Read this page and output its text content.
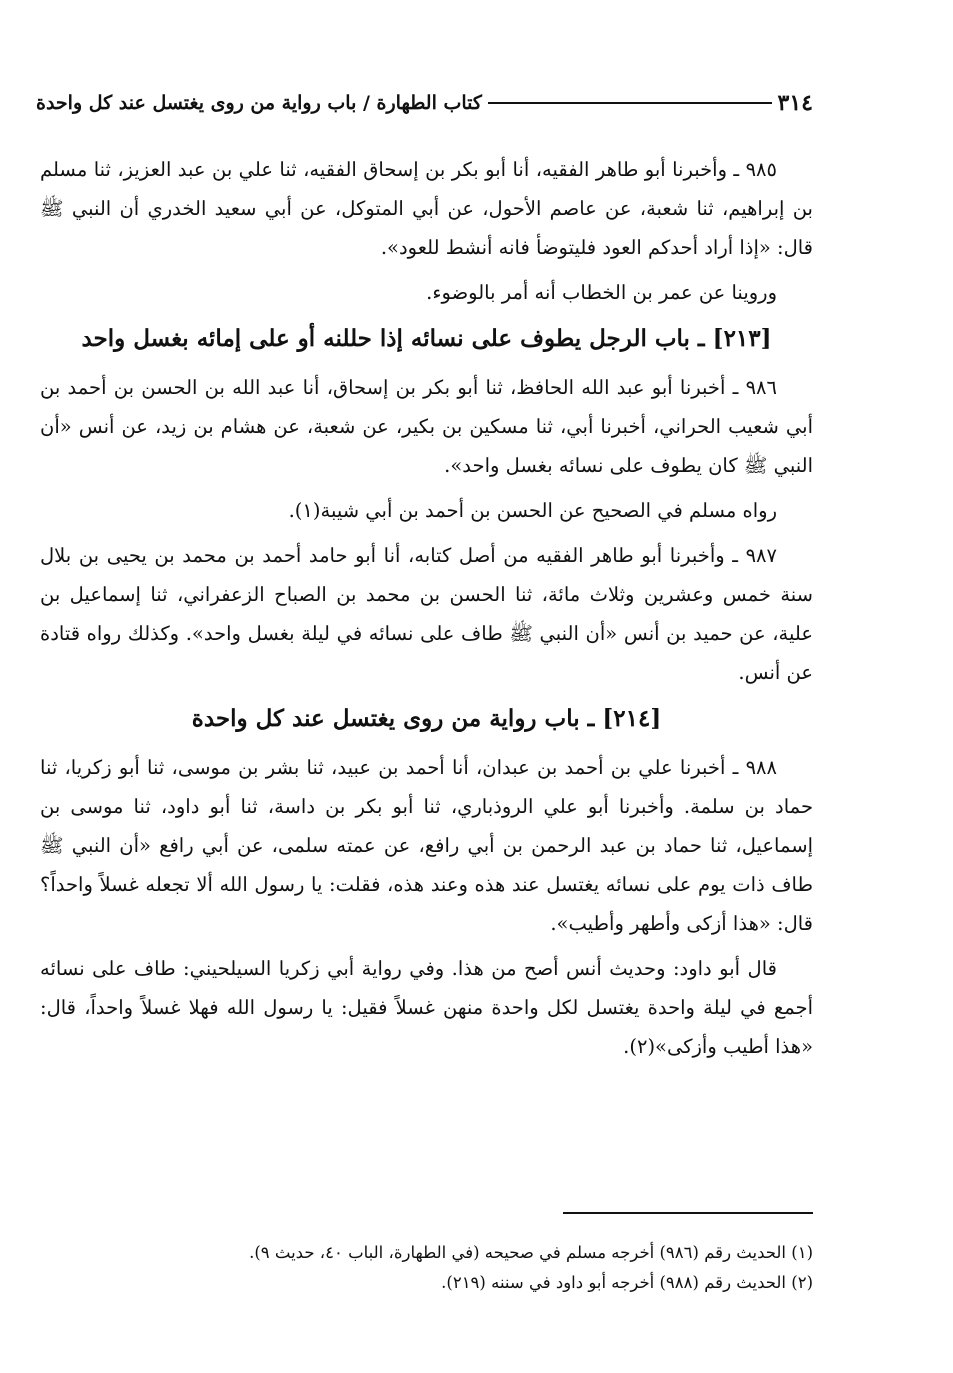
٣١٤
كتاب الطهارة / باب رواية من روى يغتسل عند كل واحدة

٩٨٥ ـ وأخبرنا أبو طاهر الفقيه، أنا أبو بكر بن إسحاق الفقيه، ثنا علي بن عبد العزيز، ثنا مسلم بن إبراهيم، ثنا شعبة، عن عاصم الأحول، عن أبي المتوكل، عن أبي سعيد الخدري أن النبي ﷺ قال: «إذا أراد أحدكم العود فليتوضأ فانه أنشط للعود».

وروينا عن عمر بن الخطاب أنه أمر بالوضوء.

[٢١٣] ـ باب الرجل يطوف على نسائه إذا حللنه أو على إمائه بغسل واحد

٩٨٦ ـ أخبرنا أبو عبد الله الحافظ، ثنا أبو بكر بن إسحاق، أنا عبد الله بن الحسن بن أحمد بن أبي شعيب الحراني، أخبرنا أبي، ثنا مسكين بن بكير، عن شعبة، عن هشام بن زيد، عن أنس «أن النبي ﷺ كان يطوف على نسائه بغسل واحد».

رواه مسلم في الصحيح عن الحسن بن أحمد بن أبي شيبة(١).

٩٨٧ ـ وأخبرنا أبو طاهر الفقيه من أصل كتابه، أنا أبو حامد أحمد بن محمد بن يحيى بن بلال سنة خمس وعشرين وثلاث مائة، ثنا الحسن بن محمد بن الصباح الزعفراني، ثنا إسماعيل بن علية، عن حميد بن أنس «أن النبي ﷺ طاف على نسائه في ليلة بغسل واحد». وكذلك رواه قتادة عن أنس.

[٢١٤] ـ باب رواية من روى يغتسل عند كل واحدة

٩٨٨ ـ أخبرنا علي بن أحمد بن عبدان، أنا أحمد بن عبيد، ثنا بشر بن موسى، ثنا أبو زكريا، ثنا حماد بن سلمة. وأخبرنا أبو علي الروذباري، ثنا أبو بكر بن داسة، ثنا أبو داود، ثنا موسى بن إسماعيل، ثنا حماد بن عبد الرحمن بن أبي رافع، عن عمته سلمى، عن أبي رافع «أن النبي ﷺ طاف ذات يوم على نسائه يغتسل عند هذه وعند هذه، فقلت: يا رسول الله ألا تجعله غسلاً واحداً؟ قال: «هذا أزكى وأطهر وأطيب».

قال أبو داود: وحديث أنس أصح من هذا. وفي رواية أبي زكريا السيلحيني: طاف على نسائه أجمع في ليلة واحدة يغتسل لكل واحدة منهن غسلاً فقيل: يا رسول الله فهلا غسلاً واحداً، قال: «هذا أطيب وأزكى»(٢).

(١) الحديث رقم (٩٨٦) أخرجه مسلم في صحيحه (في الطهارة، الباب ٤٠، حديث ٩).
(٢) الحديث رقم (٩٨٨) أخرجه أبو داود في سننه (٢١٩).
